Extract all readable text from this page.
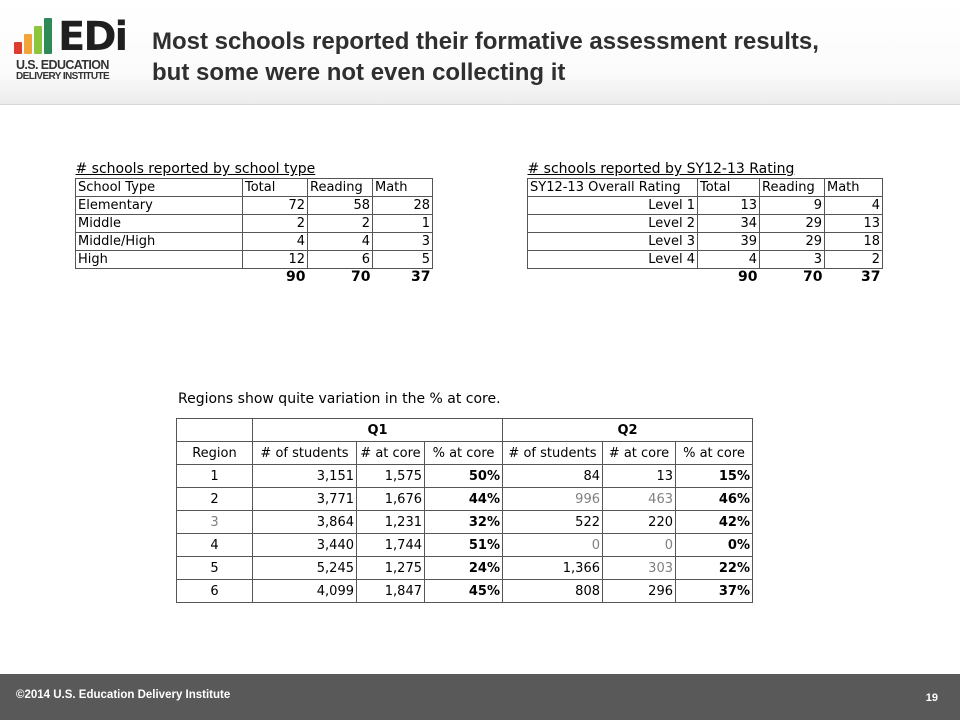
EDi
U.S. EDUCATION
DELIVERY INSTITUTE
Most schools reported their formative assessment results,
but some were not even collecting it
# schools reported by school type			
School Type	Total	Reading	Math
Elementary	72	58	28
Middle	2	2	1
Middle/High	4	4	3
High	12	6	5
	90	70	37
# schools reported by SY12-13 Rating			
SY12-13 Overall Rating	Total	Reading	Math
Level 1	13	9	4
Level 2	34	29	13
Level 3	39	29	18
Level 4	4	3	2
	90	70	37
Regions show quite variation in the % at core.
	Q1			Q2		
Region	# of students	# at core	% at core	# of students	# at core	% at core
1	3,151	1,575	50%	84	13	15%
2	3,771	1,676	44%	996	463	46%
3	3,864	1,231	32%	522	220	42%
4	3,440	1,744	51%	0	0	0%
5	5,245	1,275	24%	1,366	303	22%
6	4,099	1,847	45%	808	296	37%
©2014 U.S. Education Delivery Institute	19
